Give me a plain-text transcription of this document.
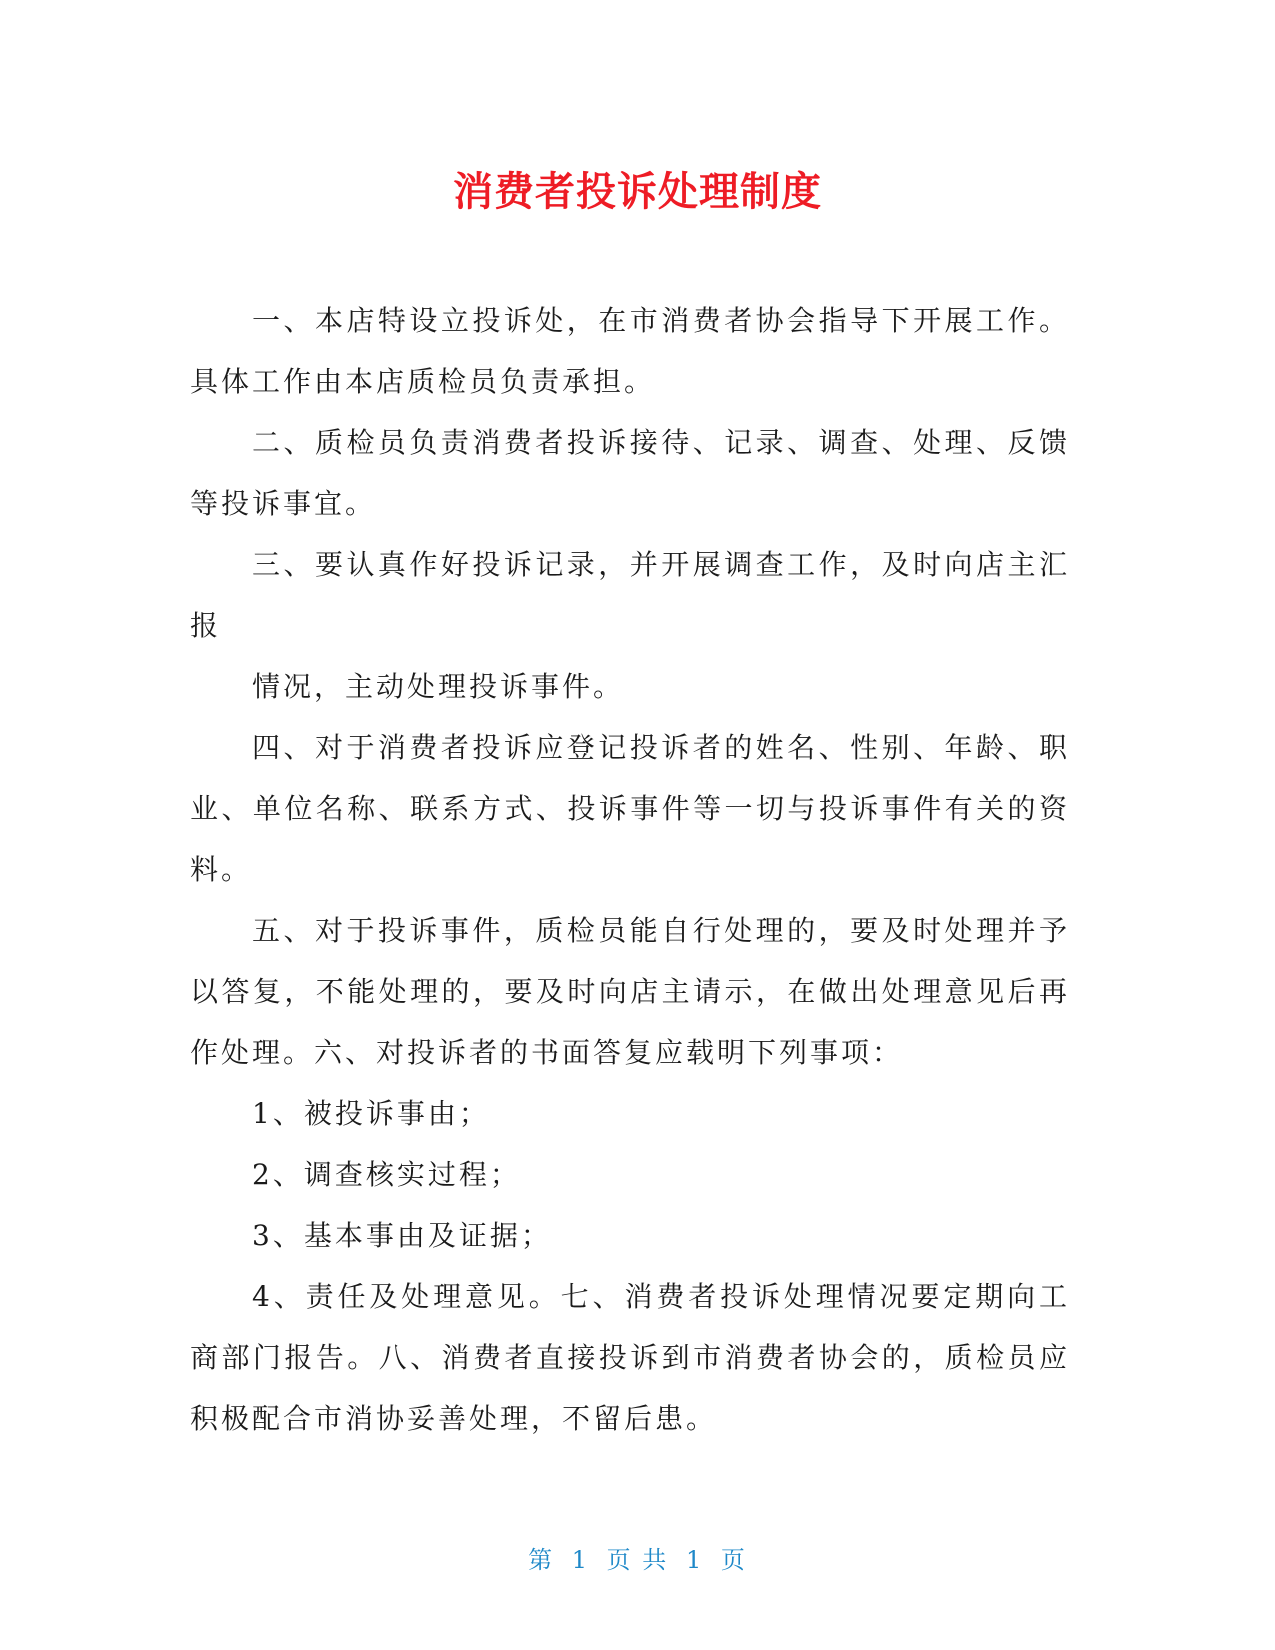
消费者投诉处理制度

一、本店特设立投诉处，在市消费者协会指导下开展工作。具体工作由本店质检员负责承担。

二、质检员负责消费者投诉接待、记录、调查、处理、反馈等投诉事宜。

三、要认真作好投诉记录，并开展调查工作，及时向店主汇报

情况，主动处理投诉事件。

四、对于消费者投诉应登记投诉者的姓名、性别、年龄、职业、单位名称、联系方式、投诉事件等一切与投诉事件有关的资料。

五、对于投诉事件，质检员能自行处理的，要及时处理并予以答复，不能处理的，要及时向店主请示，在做出处理意见后再作处理。六、对投诉者的书面答复应载明下列事项：

1、被投诉事由；

2、调查核实过程；

3、基本事由及证据；

4、责任及处理意见。七、消费者投诉处理情况要定期向工商部门报告。八、消费者直接投诉到市消费者协会的，质检员应积极配合市消协妥善处理，不留后患。

第 1 页 共 1 页
